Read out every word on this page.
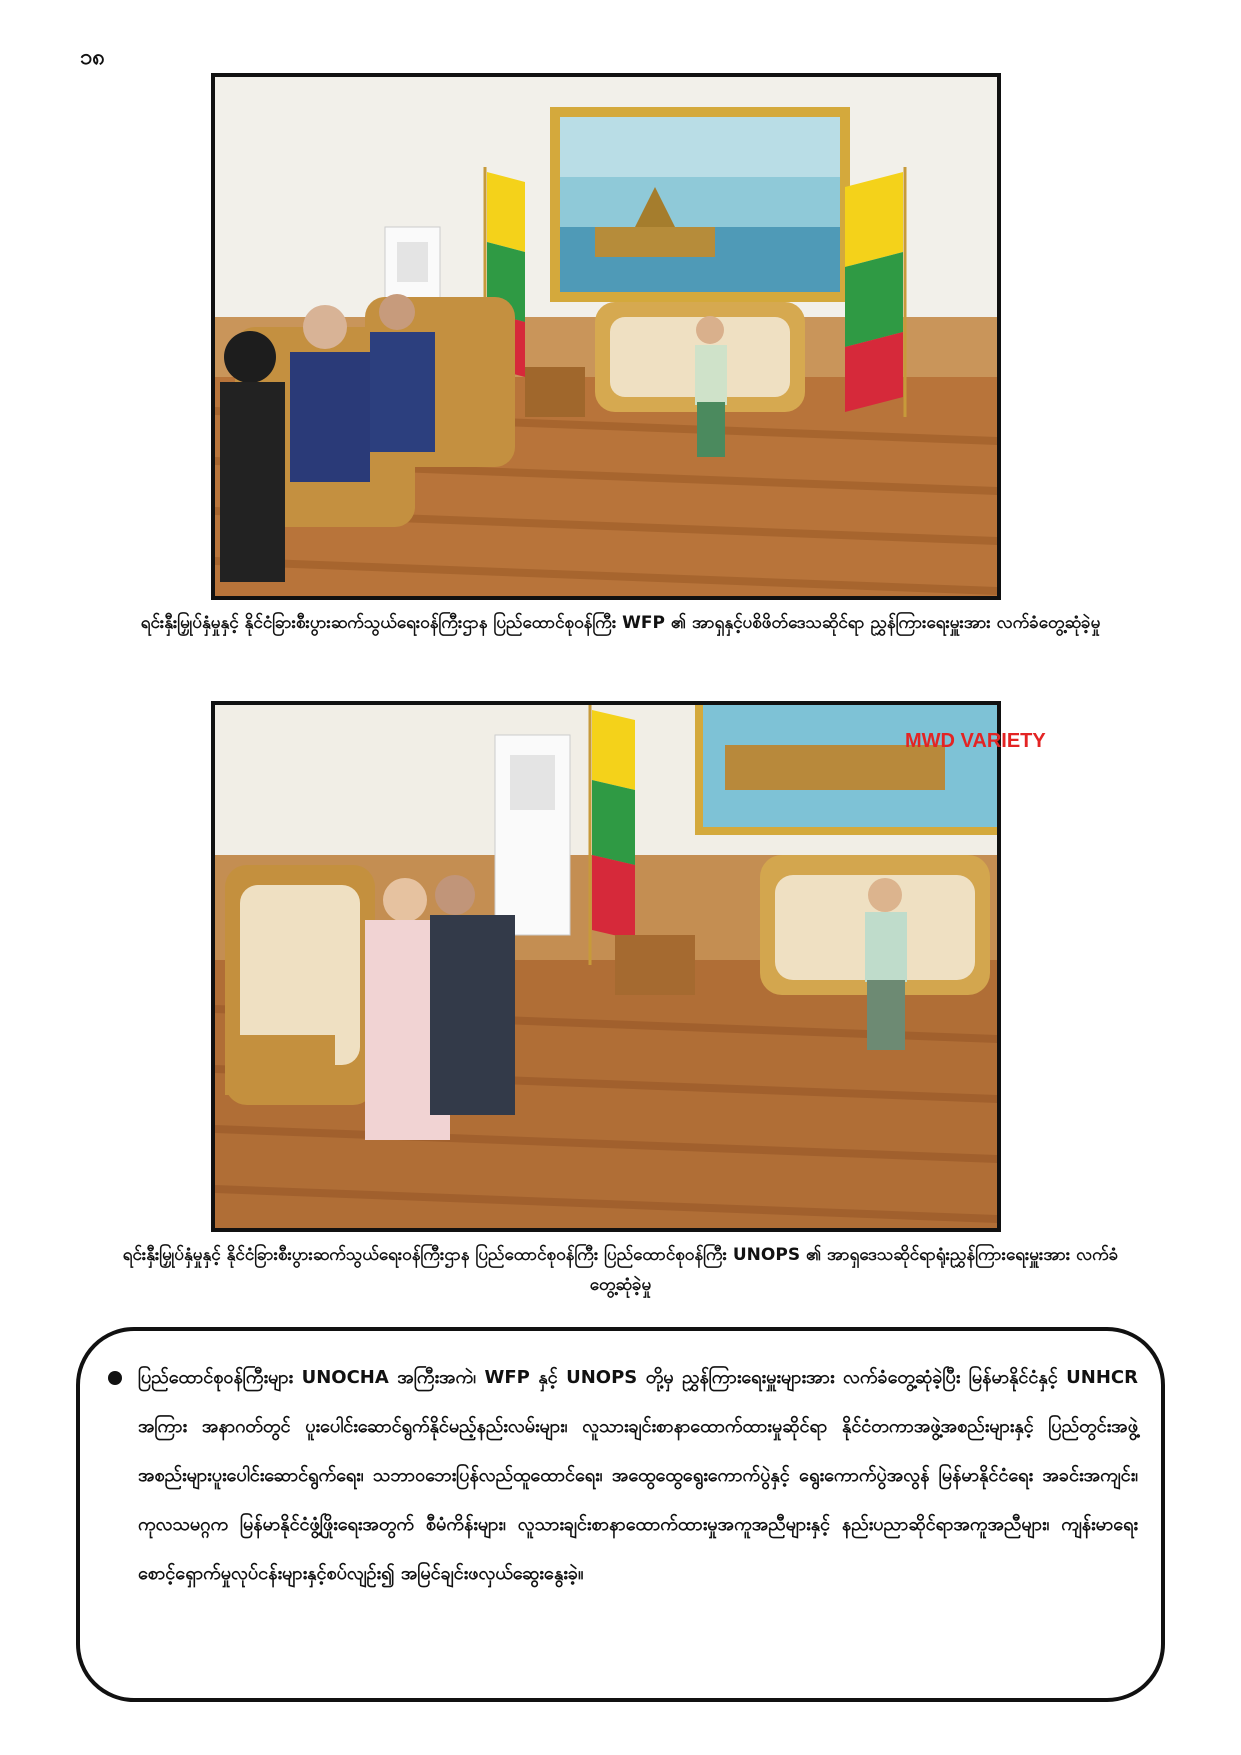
၁၈
ရင်းနှီးမြှုပ်နှံမှုနှင့် နိုင်ငံခြားစီးပွားဆက်သွယ်ရေးဝန်ကြီးဌာန ပြည်ထောင်စုဝန်ကြီး WFP ၏ အာရှနှင့်ပစိဖိတ်ဒေသဆိုင်ရာ ညွှန်ကြားရေးမှူးအား လက်ခံတွေ့ဆုံခဲ့မှု
MWD VARIETY
ရင်းနှီးမြှုပ်နှံမှုနှင့် နိုင်ငံခြားစီးပွားဆက်သွယ်ရေးဝန်ကြီးဌာန ပြည်ထောင်စုဝန်ကြီး ပြည်ထောင်စုဝန်ကြီး UNOPS ၏ အာရှဒေသဆိုင်ရာရုံးညွှန်ကြားရေးမှူးအား လက်ခံတွေ့ဆုံခဲ့မှု
ပြည်ထောင်စုဝန်ကြီးများ UNOCHA အကြီးအကဲ၊ WFP နှင့် UNOPS တို့မှ ညွှန်ကြားရေးမှူးများအား လက်ခံတွေ့ဆုံခဲ့ပြီး မြန်မာနိုင်ငံနှင့် UNHCR အကြား အနာဂတ်တွင် ပူးပေါင်းဆောင်ရွက်နိုင်မည့်နည်းလမ်းများ၊ လူသားချင်းစာနာထောက်ထားမှုဆိုင်ရာ နိုင်ငံတကာအဖွဲ့အစည်းများနှင့် ပြည်တွင်းအဖွဲ့အစည်းများပူးပေါင်းဆောင်ရွက်ရေး၊ သဘာဝဘေးပြန်လည်ထူထောင်ရေး၊ အထွေထွေရွေးကောက်ပွဲနှင့် ရွေးကောက်ပွဲအလွန် မြန်မာနိုင်ငံရေး အခင်းအကျင်း၊ ကုလသမဂ္ဂက မြန်မာနိုင်ငံဖွံ့ဖြိုးရေးအတွက် စီမံကိန်းများ၊ လူသားချင်းစာနာထောက်ထားမှုအကူအညီများနှင့် နည်းပညာဆိုင်ရာအကူအညီများ၊ ကျန်းမာရေးစောင့်ရှောက်မှုလုပ်ငန်းများနှင့်စပ်လျဉ်း၍ အမြင်ချင်းဖလှယ်ဆွေးနွေးခဲ့။
